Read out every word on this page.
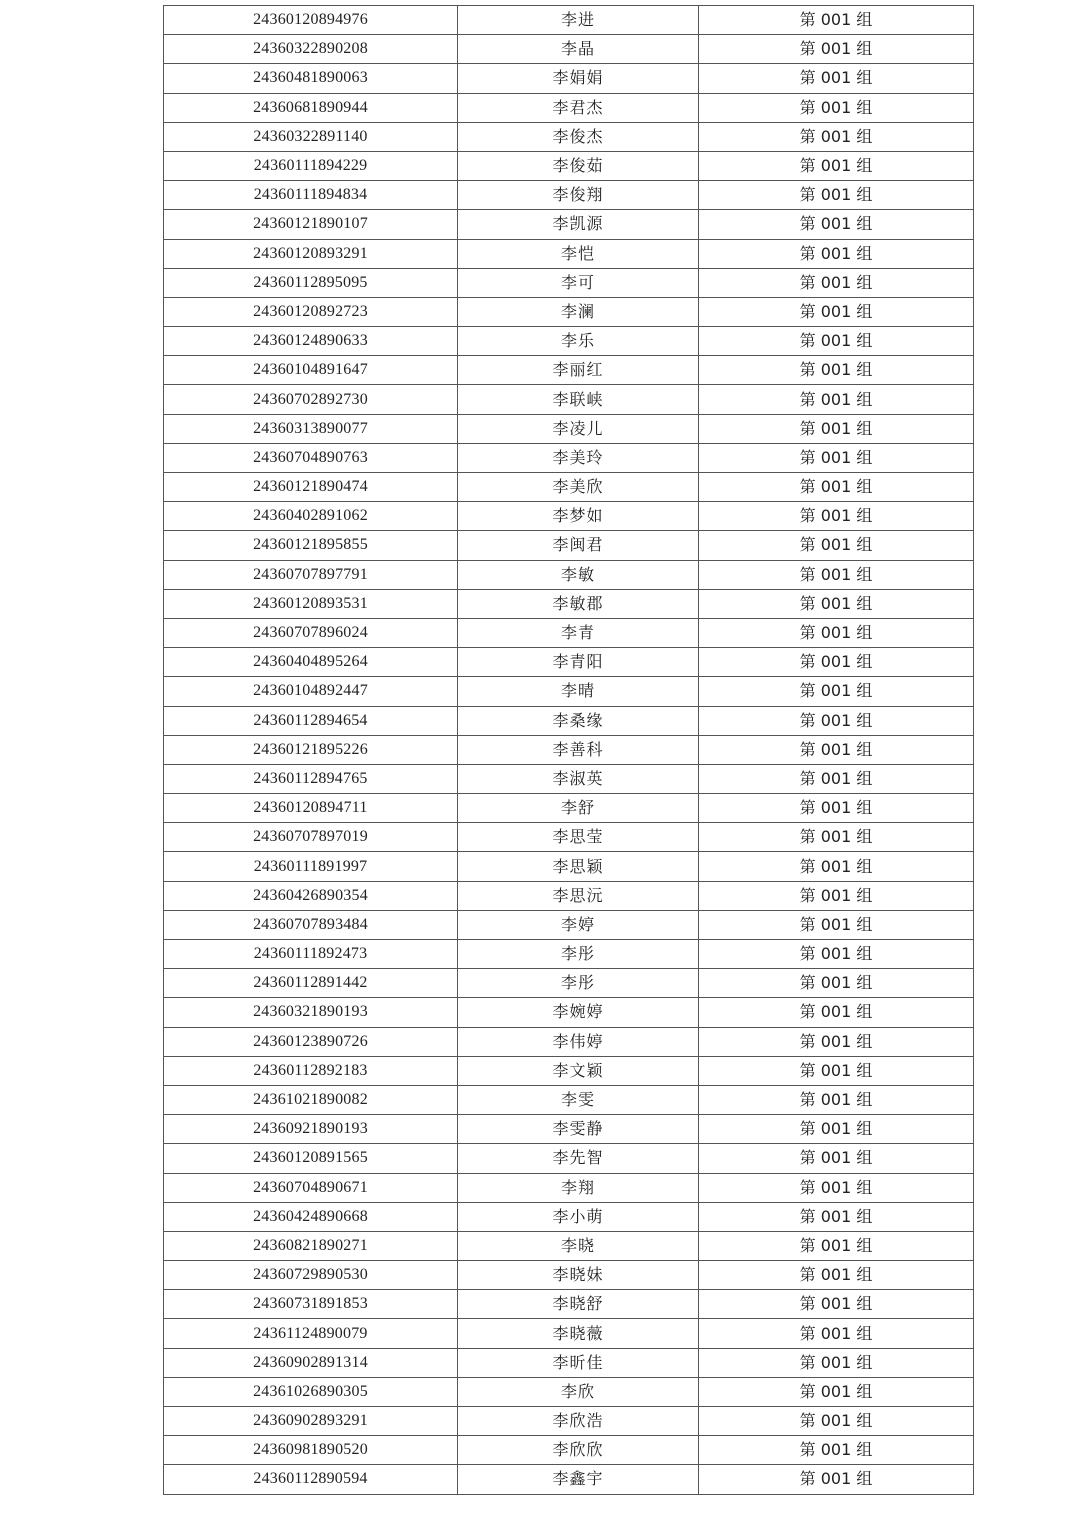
24360120894976	李进	第 001 组
24360322890208	李晶	第 001 组
24360481890063	李娟娟	第 001 组
24360681890944	李君杰	第 001 组
24360322891140	李俊杰	第 001 组
24360111894229	李俊茹	第 001 组
24360111894834	李俊翔	第 001 组
24360121890107	李凯源	第 001 组
24360120893291	李恺	第 001 组
24360112895095	李可	第 001 组
24360120892723	李澜	第 001 组
24360124890633	李乐	第 001 组
24360104891647	李丽红	第 001 组
24360702892730	李联峡	第 001 组
24360313890077	李凌儿	第 001 组
24360704890763	李美玲	第 001 组
24360121890474	李美欣	第 001 组
24360402891062	李梦如	第 001 组
24360121895855	李闽君	第 001 组
24360707897791	李敏	第 001 组
24360120893531	李敏郡	第 001 组
24360707896024	李青	第 001 组
24360404895264	李青阳	第 001 组
24360104892447	李晴	第 001 组
24360112894654	李桑缘	第 001 组
24360121895226	李善科	第 001 组
24360112894765	李淑英	第 001 组
24360120894711	李舒	第 001 组
24360707897019	李思莹	第 001 组
24360111891997	李思颖	第 001 组
24360426890354	李思沅	第 001 组
24360707893484	李婷	第 001 组
24360111892473	李彤	第 001 组
24360112891442	李彤	第 001 组
24360321890193	李婉婷	第 001 组
24360123890726	李伟婷	第 001 组
24360112892183	李文颖	第 001 组
24361021890082	李雯	第 001 组
24360921890193	李雯静	第 001 组
24360120891565	李先智	第 001 组
24360704890671	李翔	第 001 组
24360424890668	李小萌	第 001 组
24360821890271	李晓	第 001 组
24360729890530	李晓妹	第 001 组
24360731891853	李晓舒	第 001 组
24361124890079	李晓薇	第 001 组
24360902891314	李昕佳	第 001 组
24361026890305	李欣	第 001 组
24360902893291	李欣浩	第 001 组
24360981890520	李欣欣	第 001 组
24360112890594	李鑫宇	第 001 组
